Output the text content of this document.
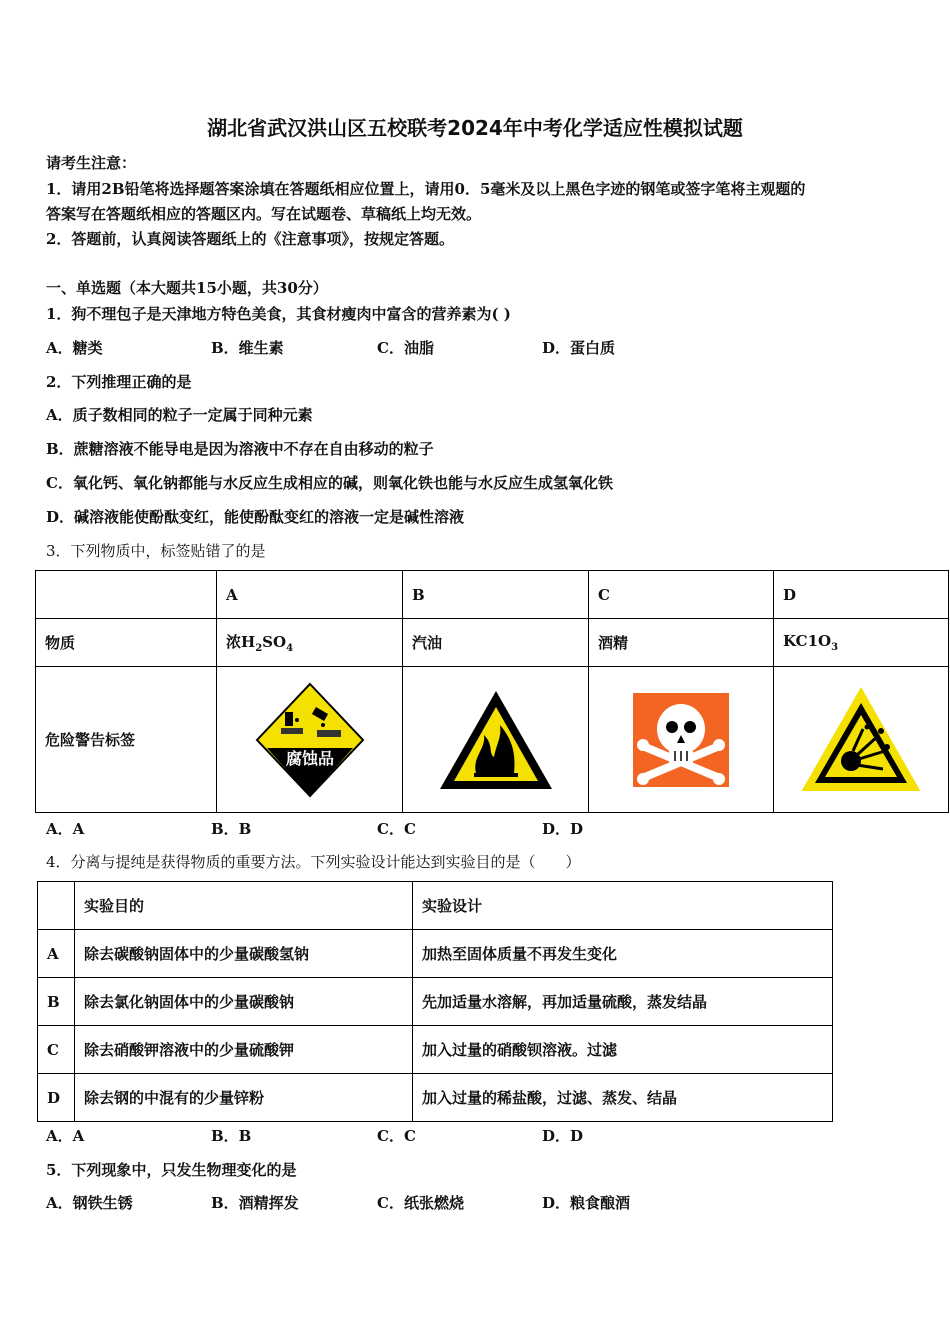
湖北省武汉洪山区五校联考2024年中考化学适应性模拟试题
请考生注意：
1．请用2B铅笔将选择题答案涂填在答题纸相应位置上，请用0．5毫米及以上黑色字迹的钢笔或签字笔将主观题的
答案写在答题纸相应的答题区内。写在试题卷、草稿纸上均无效。
2．答题前，认真阅读答题纸上的《注意事项》，按规定答题。
一、单选题（本大题共15小题，共30分）
1．狗不理包子是天津地方特色美食，其食材瘦肉中富含的营养素为( )
A．糖类	B．维生素	C．油脂	D．蛋白质
2．下列推理正确的是
A．质子数相同的粒子一定属于同种元素
B．蔗糖溶液不能导电是因为溶液中不存在自由移动的粒子
C．氧化钙、氧化钠都能与水反应生成相应的碱，则氧化铁也能与水反应生成氢氧化铁
D．碱溶液能使酚酞变红，能使酚酞变红的溶液一定是碱性溶液
3．下列物质中，标签贴错了的是
	A	B	C	D
物质	浓$H_2SO_4$	汽油	酒精	$KC1O_3$
危险警告标签	腐蚀品

A．A	B．B	C．C	D．D
4．分离与提纯是获得物质的重要方法。下列实验设计能达到实验目的是（　　）
	实验目的	实验设计
A	除去碳酸钠固体中的少量碳酸氢钠	加热至固体质量不再发生变化
B	除去氯化钠固体中的少量碳酸钠	先加适量水溶解，再加适量硫酸，蒸发结晶
C	除去硝酸钾溶液中的少量硫酸钾	加入过量的硝酸钡溶液。过滤
D	除去钢的中混有的少量锌粉	加入过量的稀盐酸，过滤、蒸发、结晶
A．A	B．B	C．C	D．D
5．下列现象中，只发生物理变化的是
A．钢铁生锈	B．酒精挥发	C．纸张燃烧	D．粮食酿酒
